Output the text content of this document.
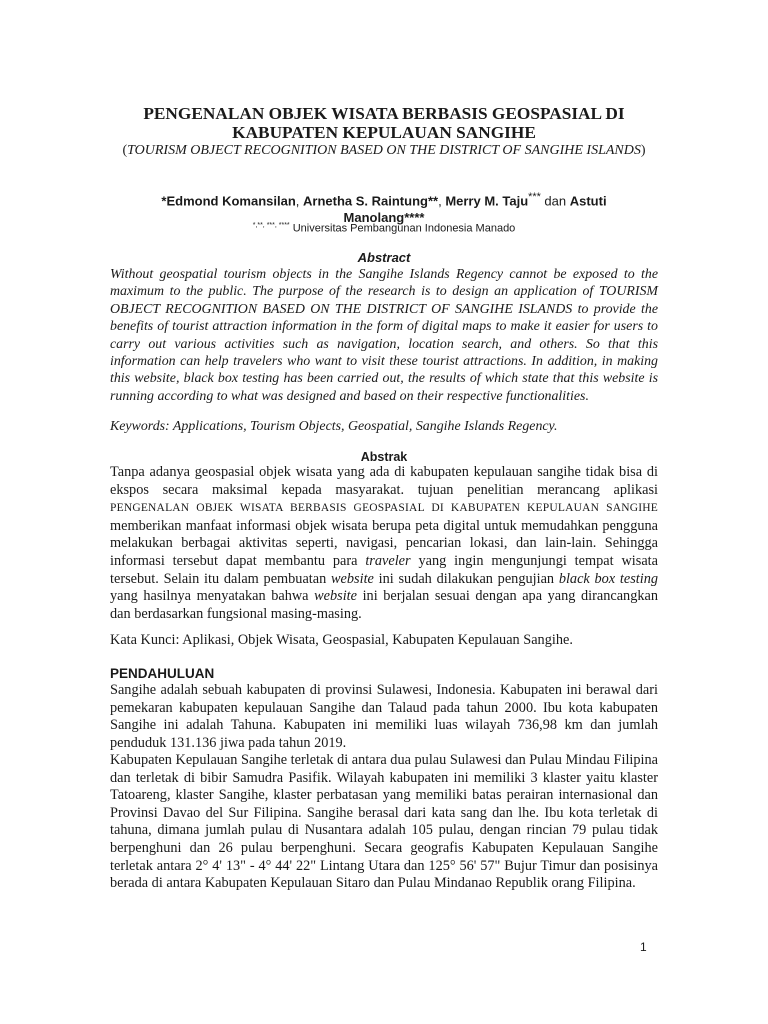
PENGENALAN OBJEK WISATA BERBASIS GEOSPASIAL DI
KABUPATEN KEPULAUAN SANGIHE

(TOURISM OBJECT RECOGNITION BASED ON THE DISTRICT OF SANGIHE ISLANDS)

*Edmond Komansilan, Arnetha S. Raintung**, Merry M. Taju*** dan Astuti Manolang****

*,**, ***, **** Universitas Pembangunan Indonesia Manado

Abstract

Without geospatial tourism objects in the Sangihe Islands Regency cannot be exposed to the maximum to the public. The purpose of the research is to design an application of TOURISM OBJECT RECOGNITION BASED ON THE DISTRICT OF SANGIHE ISLANDS to provide the benefits of tourist attraction information in the form of digital maps to make it easier for users to carry out various activities such as navigation, location search, and others. So that this information can help travelers who want to visit these tourist attractions. In addition, in making this website, black box testing has been carried out, the results of which state that this website is running according to what was designed and based on their respective functionalities.

Keywords: Applications, Tourism Objects, Geospatial, Sangihe Islands Regency.

Abstrak

Tanpa adanya geospasial objek wisata yang ada di kabupaten kepulauan sangihe tidak bisa di ekspos secara maksimal kepada masyarakat. tujuan penelitian merancang aplikasi PENGENALAN OBJEK WISATA BERBASIS GEOSPASIAL DI KABUPATEN KEPULAUAN SANGIHE memberikan manfaat informasi objek wisata berupa peta digital untuk memudahkan pengguna melakukan berbagai aktivitas seperti, navigasi, pencarian lokasi, dan lain-lain. Sehingga informasi tersebut dapat membantu para traveler yang ingin mengunjungi tempat wisata tersebut. Selain itu dalam pembuatan website ini sudah dilakukan pengujian black box testing yang hasilnya menyatakan bahwa website ini berjalan sesuai dengan apa yang dirancangkan dan berdasarkan fungsional masing-masing.

Kata Kunci: Aplikasi, Objek Wisata, Geospasial, Kabupaten Kepulauan Sangihe.

PENDAHULUAN

Sangihe adalah sebuah kabupaten di provinsi Sulawesi, Indonesia. Kabupaten ini berawal dari pemekaran kabupaten kepulauan Sangihe dan Talaud pada tahun 2000. Ibu kota kabupaten Sangihe ini adalah Tahuna. Kabupaten ini memiliki luas wilayah 736,98 km dan jumlah penduduk 131.136 jiwa pada tahun 2019.

Kabupaten Kepulauan Sangihe terletak di antara dua pulau Sulawesi dan Pulau Mindau Filipina dan terletak di bibir Samudra Pasifik. Wilayah kabupaten ini memiliki 3 klaster yaitu klaster Tatoareng, klaster Sangihe, klaster perbatasan yang memiliki batas perairan internasional dan Provinsi Davao del Sur Filipina. Sangihe berasal dari kata sang dan lhe. Ibu kota terletak di tahuna, dimana jumlah pulau di Nusantara adalah 105 pulau, dengan rincian 79 pulau tidak berpenghuni dan 26 pulau berpenghuni. Secara geografis Kabupaten Kepulauan Sangihe terletak antara 2° 4' 13" - 4° 44' 22" Lintang Utara dan 125° 56' 57" Bujur Timur dan posisinya berada di antara Kabupaten Kepulauan Sitaro dan Pulau Mindanao Republik orang Filipina.

1
